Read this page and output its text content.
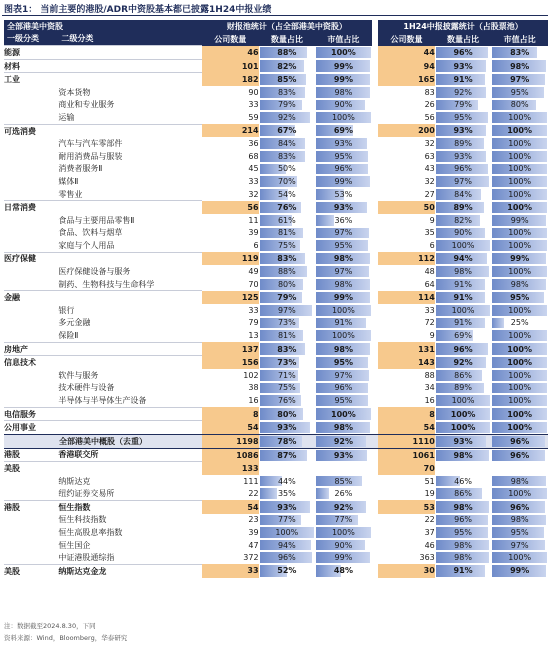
图表1： 当前主要的港股/ADR中资股基本都已披露1H24中报业绩
全部港美中资股		财报池统计（占全部港美中资股）				1H24中报披露统计（占股票池）		
一级分类	二级分类	公司数量	数量占比	市值占比		公司数量	数量占比	市值占比
能源		46	88%	100%		44	96%	83%
材料		101	82%	99%		94	93%	98%
工业		182	85%	99%		165	91%	97%
	资本货物	90	83%	98%		83	92%	95%
	商业和专业服务	33	79%	90%		26	79%	80%
	运输	59	92%	100%		56	95%	100%
可选消费		214	67%	69%		200	93%	100%
	汽车与汽车零部件	36	84%	93%		32	89%	100%
	耐用消费品与服装	68	83%	95%		63	93%	100%
	消费者服务Ⅱ	45	50%	96%		43	96%	100%
	媒体Ⅱ	33	70%	99%		32	97%	100%
	零售业	32	54%	53%		27	84%	100%
日常消费		56	76%	93%		50	89%	100%
	食品与主要用品零售Ⅱ	11	61%	36%		9	82%	99%
	食品、饮料与烟草	39	81%	97%		35	90%	100%
	家庭与个人用品	6	75%	95%		6	100%	100%
医疗保健		119	83%	98%		112	94%	99%
	医疗保健设备与服务	49	88%	97%		48	98%	100%
	制药、生物科技与生命科学	70	80%	98%		64	91%	98%
金融		125	79%	99%		114	91%	95%
	银行	33	97%	100%		33	100%	100%
	多元金融	79	73%	91%		72	91%	25%
	保险Ⅱ	13	81%	100%		9	69%	100%
房地产		137	83%	98%		131	96%	100%
信息技术		156	73%	95%		143	92%	100%
	软件与服务	102	71%	97%		88	86%	100%
	技术硬件与设备	38	75%	96%		34	89%	100%
	半导体与半导体生产设备	16	76%	95%		16	100%	100%
电信服务		8	80%	100%		8	100%	100%
公用事业		54	93%	98%		54	100%	100%
全部港美中概股（去重）		1198	78%	92%		1110	93%	96%
港股	香港联交所	1086	87%	93%		1061	98%	96%
美股		133				70		
	纳斯达克	111	44%	85%		51	46%	98%
	纽约证券交易所	22	35%	26%		19	86%	100%
港股	恒生指数	54	93%	92%		53	98%	96%
	恒生科技指数	23	77%	77%		22	96%	98%
	恒生高股息率指数	39	100%	100%		37	95%	95%
	恒生国企	47	94%	90%		46	98%	97%
	中证港股通综指	372	96%	99%		363	98%	100%
美股	纳斯达克金龙	33	52%	48%		30	91%	99%
注：数据截至2024.8.30，下同
资料来源：Wind，Bloomberg，华泰研究
